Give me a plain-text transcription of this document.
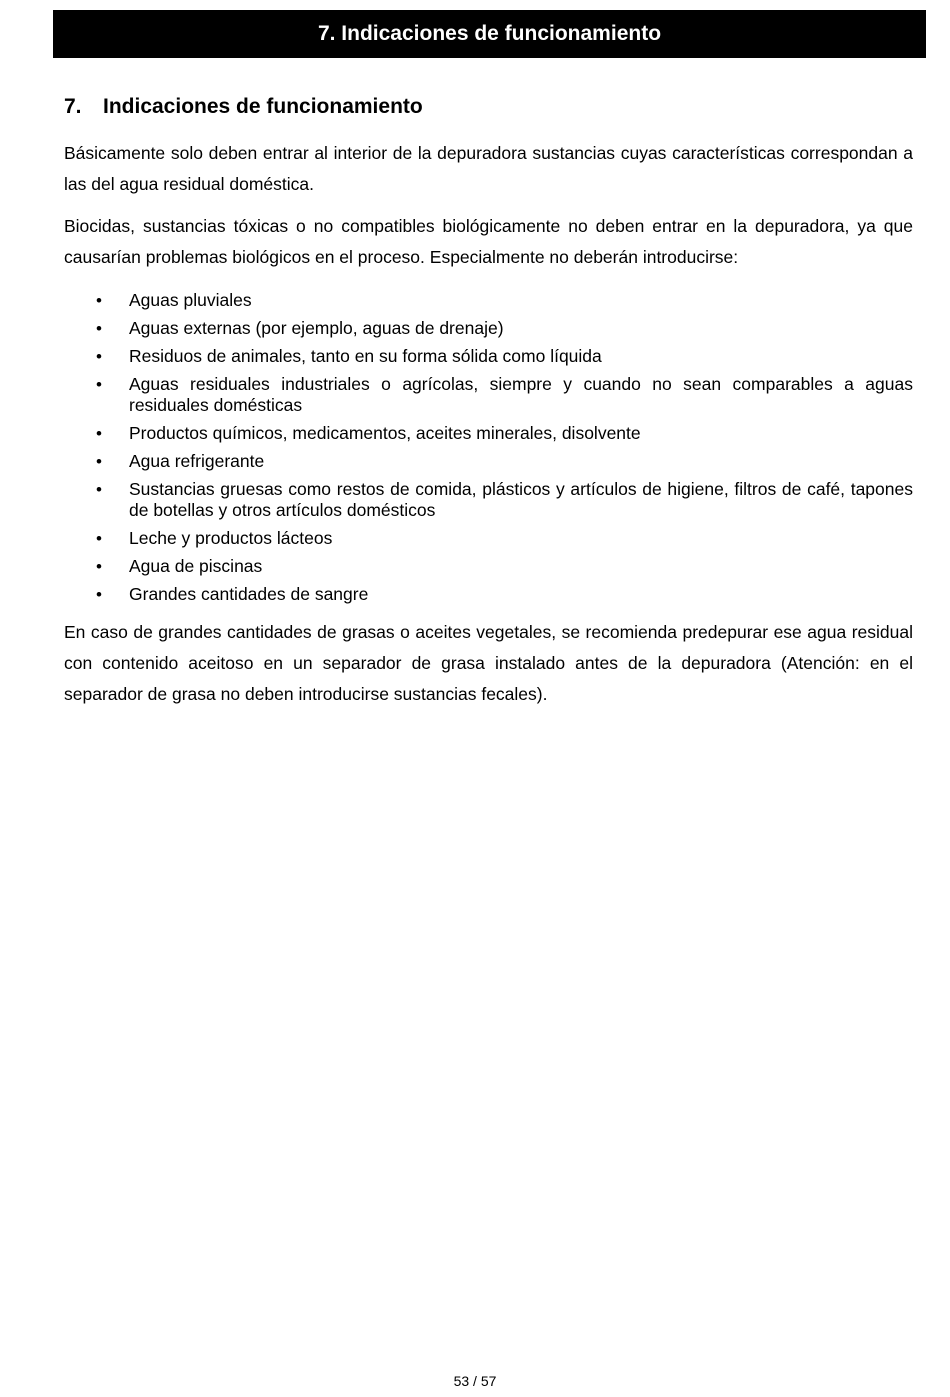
7. Indicaciones de funcionamiento
7.	Indicaciones de funcionamiento

Básicamente solo deben entrar al interior de la depuradora sustancias cuyas características correspondan a las del agua residual doméstica.

Biocidas, sustancias tóxicas o no compatibles biológicamente no deben entrar en la depuradora, ya que causarían problemas biológicos en el proceso. Especialmente no deberán introducirse:

• Aguas pluviales
• Aguas externas (por ejemplo, aguas de drenaje)
• Residuos de animales, tanto en su forma sólida como líquida
• Aguas residuales industriales o agrícolas, siempre y cuando no sean comparables a aguas residuales domésticas
• Productos químicos, medicamentos, aceites minerales, disolvente
• Agua refrigerante
• Sustancias gruesas como restos de comida, plásticos y artículos de higiene, filtros de café, tapones de botellas y otros artículos domésticos
• Leche y productos lácteos
• Agua de piscinas
• Grandes cantidades de sangre

En caso de grandes cantidades de grasas o aceites vegetales, se recomienda predepurar ese agua residual con contenido aceitoso en un separador de grasa instalado antes de la depuradora (Atención: en el separador de grasa no deben introducirse sustancias fecales).

53 / 57
